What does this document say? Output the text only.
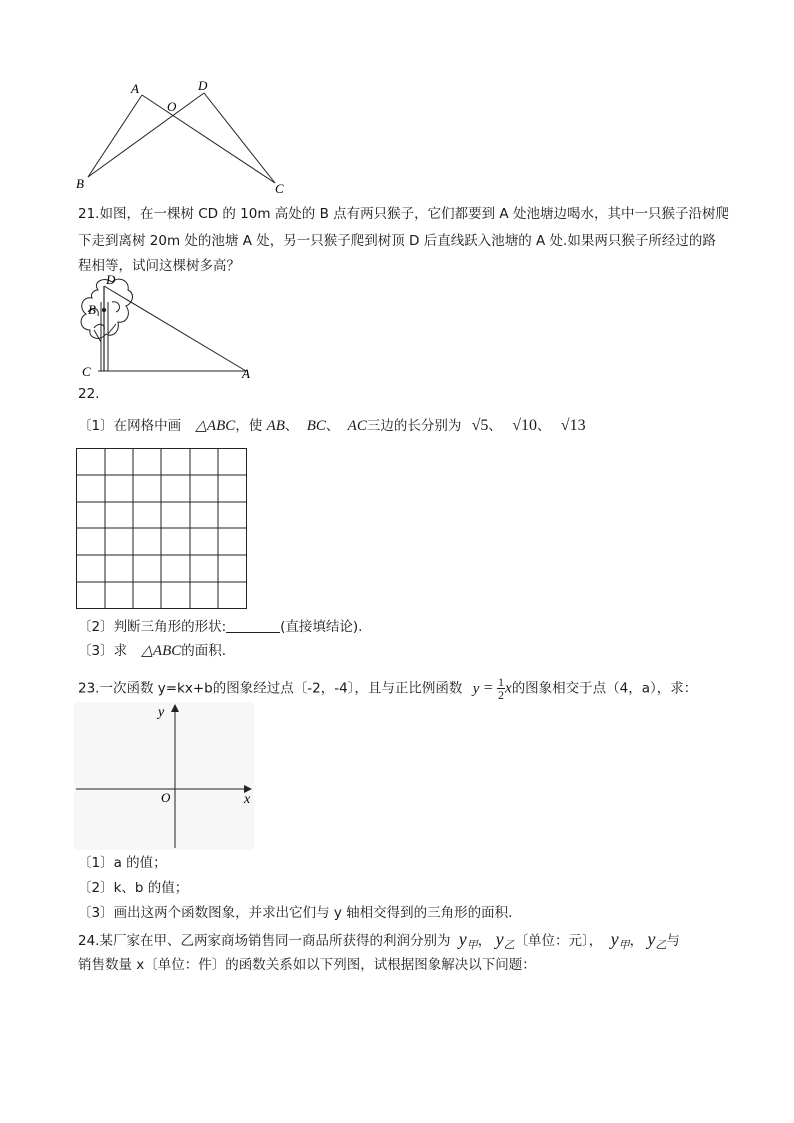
A	D
O
B	C
21.如图，在一棵树 CD 的 10m 高处的 B 点有两只猴子，它们都要到 A 处池塘边喝水，其中一只猴子沿树爬
下走到离树 20m 处的池塘 A 处，另一只猴子爬到树顶 D 后直线跃入池塘的 A 处.如果两只猴子所经过的路
程相等，试问这棵树多高？
D
B
C	A
22.
〔1〕在网格中画 △ABC，使 AB、 BC、 AC三边的长分别为 √5、 √10、 √13
〔2〕判断三角形的形状:	(直接填结论).
〔3〕求 △ABC的面积.
23.一次函数 y=kx+b的图象经过点〔-2，-4〕，且与正比例函数 $y = \frac{1}{2}$ x的图象相交于点（4，a），求：
y
x
O
〔1〕a 的值；
〔2〕k、b 的值；
〔3〕画出这两个函数图象，并求出它们与 y 轴相交得到的三角形的面积．
24.某厂家在甲、乙两家商场销售同一商品所获得的利润分别为 $y_甲$， $y_乙$〔单位：元〕， $y_甲$， $y_乙$与
销售数量 x〔单位：件〕的函数关系如以下列图，试根据图象解决以下问题：
